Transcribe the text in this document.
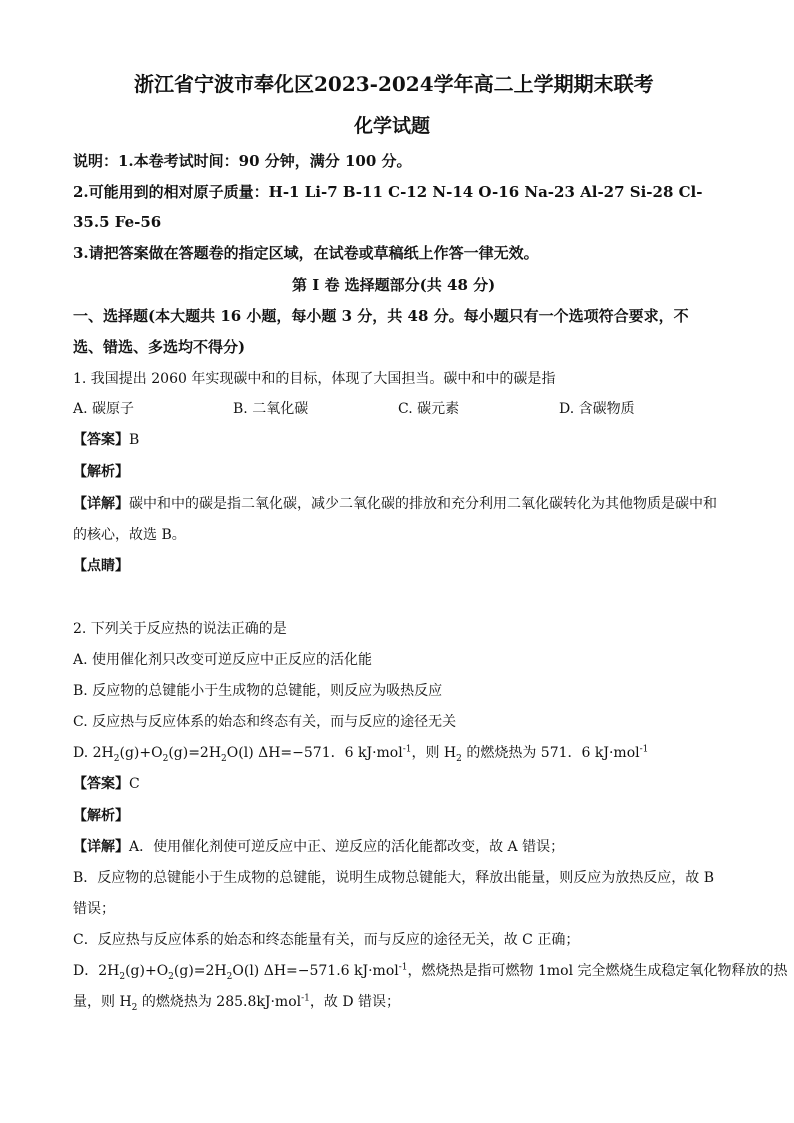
浙江省宁波市奉化区2023-2024学年高二上学期期末联考
化学试题
说明：1.本卷考试时间：90 分钟，满分 100 分。
2.可能用到的相对原子质量：H-1 Li-7 B-11 C-12 N-14 O-16 Na-23 Al-27 Si-28 Cl-
35.5 Fe-56
3.请把答案做在答题卷的指定区域，在试卷或草稿纸上作答一律无效。
第 I 卷 选择题部分(共 48 分)
一、选择题(本大题共 16 小题，每小题 3 分，共 48 分。每小题只有一个选项符合要求，不
选、错选、多选均不得分)
1. 我国提出 2060 年实现碳中和的目标，体现了大国担当。碳中和中的碳是指
A. 碳原子	B. 二氧化碳	C. 碳元素	D. 含碳物质
【答案】B
【解析】
【详解】碳中和中的碳是指二氧化碳，减少二氧化碳的排放和充分利用二氧化碳转化为其他物质是碳中和
的核心，故选 B。
【点睛】
2. 下列关于反应热的说法正确的是
A. 使用催化剂只改变可逆反应中正反应的活化能
B. 反应物的总键能小于生成物的总键能，则反应为吸热反应
C. 反应热与反应体系的始态和终态有关，而与反应的途径无关
D. $2H_2(g)+O_2(g)=2H_2O(l)$ ΔH=−571．6 kJ·mol$^{-1}$，则 $H_2$ 的燃烧热为 571．6 kJ·mol$^{-1}$
【答案】C
【解析】
【详解】A．使用催化剂使可逆反应中正、逆反应的活化能都改变，故 A 错误；
B．反应物的总键能小于生成物的总键能，说明生成物总键能大，释放出能量，则反应为放热反应，故 B
错误；
C．反应热与反应体系的始态和终态能量有关，而与反应的途径无关，故 C 正确；
D．$2H_2(g)+O_2(g)=2H_2O(l)$ ΔH=−571.6 kJ·mol$^{-1}$，燃烧热是指可燃物 1mol 完全燃烧生成稳定氧化物释放的热
量，则 $H_2$ 的燃烧热为 285.8kJ·mol$^{-1}$，故 D 错误；
